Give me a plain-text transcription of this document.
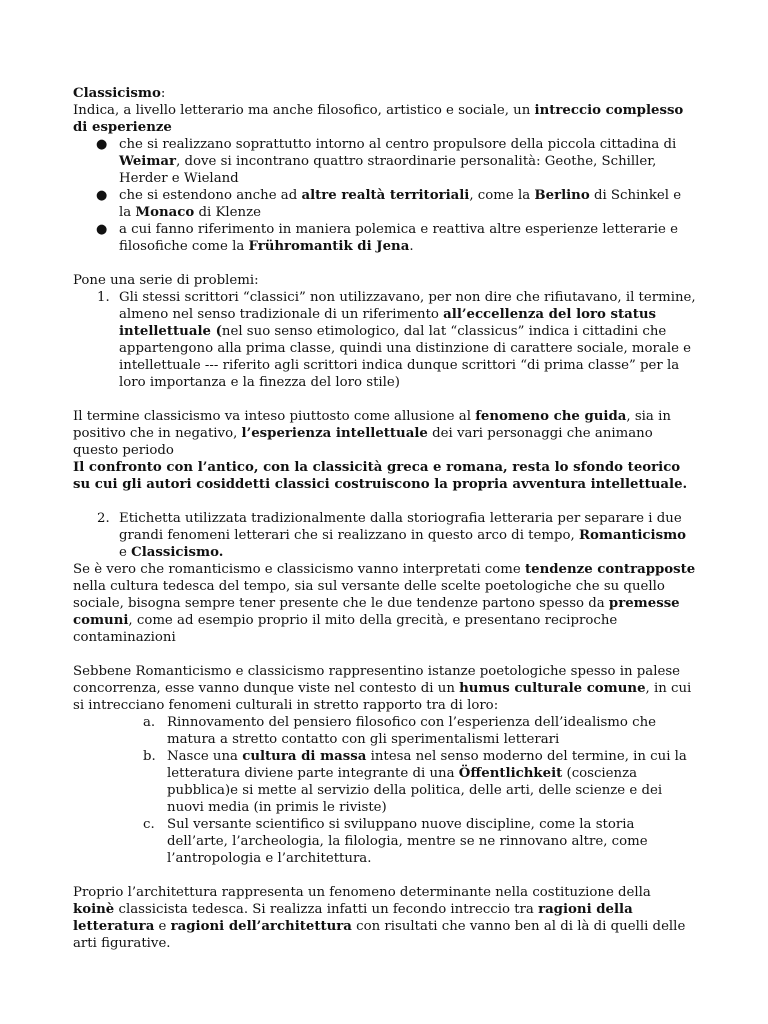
Classicismo:

Indica, a livello letterario ma anche filosofico, artistico e sociale, un intreccio complesso di esperienze

● che si realizzano soprattutto intorno al centro propulsore della piccola cittadina di Weimar, dove si incontrano quattro straordinarie personalità: Geothe, Schiller, Herder e Wieland
● che si estendono anche ad altre realtà territoriali, come la Berlino di Schinkel e la Monaco di Klenze
● a cui fanno riferimento in maniera polemica e reattiva altre esperienze letterarie e filosofiche come la Frühromantik di Jena.

Pone una serie di problemi:

1. Gli stessi scrittori “classici” non utilizzavano, per non dire che rifiutavano, il termine, almeno nel senso tradizionale di un riferimento all’eccellenza del loro status intellettuale (nel suo senso etimologico, dal lat “classicus” indica i cittadini che appartengono alla prima classe, quindi una distinzione di carattere sociale, morale e intellettuale --- riferito agli scrittori indica dunque scrittori “di prima classe” per la loro importanza e la finezza del loro stile)

Il termine classicismo va inteso piuttosto come allusione al fenomeno che guida, sia in positivo che in negativo, l’esperienza intellettuale dei vari personaggi che animano questo periodo

Il confronto con l’antico, con la classicità greca e romana, resta lo sfondo teorico su cui gli autori cosiddetti classici costruiscono la propria avventura intellettuale.

2. Etichetta utilizzata tradizionalmente dalla storiografia letteraria per separare i due grandi fenomeni letterari che si realizzano in questo arco di tempo, Romanticismo e Classicismo.

Se è vero che romanticismo e classicismo vanno interpretati come tendenze contrapposte nella cultura tedesca del tempo, sia sul versante delle scelte poetologiche che su quello sociale, bisogna sempre tener presente che le due tendenze partono spesso da premesse comuni, come ad esempio proprio il mito della grecità, e presentano reciproche contaminazioni

Sebbene Romanticismo e classicismo rappresentino istanze poetologiche spesso in palese concorrenza, esse vanno dunque viste nel contesto di un humus culturale comune, in cui si intrecciano fenomeni culturali in stretto rapporto tra di loro:

a. Rinnovamento del pensiero filosofico con l’esperienza dell’idealismo che matura a stretto contatto con gli sperimentalismi letterari
b. Nasce una cultura di massa intesa nel senso moderno del termine, in cui la letteratura diviene parte integrante di una Öffentlichkeit (coscienza pubblica)e si mette al servizio della politica, delle arti, delle scienze e dei nuovi media (in primis le riviste)
c. Sul versante scientifico si sviluppano nuove discipline, come la storia dell’arte, l’archeologia, la filologia, mentre se ne rinnovano altre, come l’antropologia e l’architettura.

Proprio l’architettura rappresenta un fenomeno determinante nella costituzione della koinè classicista tedesca. Si realizza infatti un fecondo intreccio tra ragioni della letteratura e ragioni dell’architettura con risultati che vanno ben al di là di quelli delle arti figurative.
